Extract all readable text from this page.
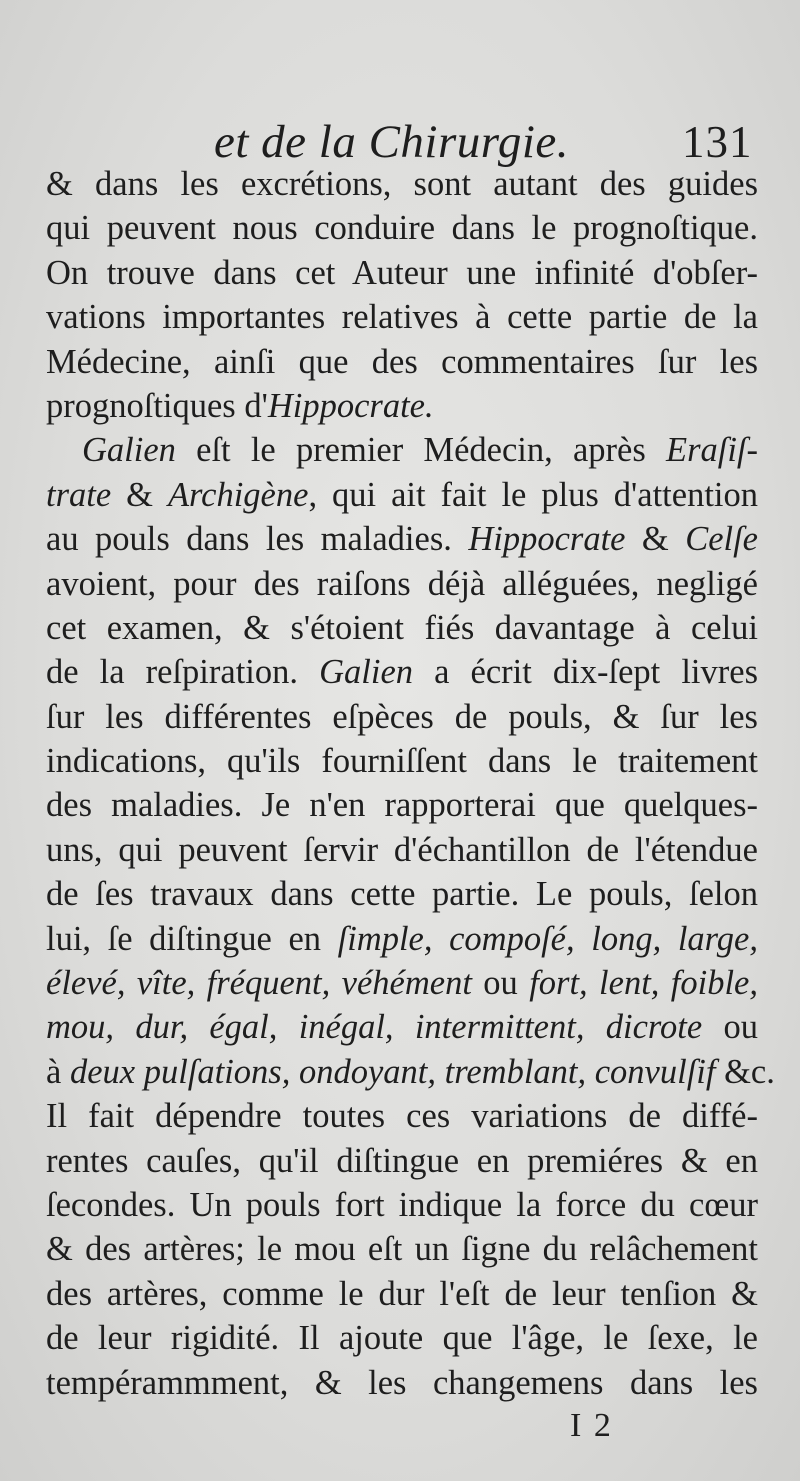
et de la Chirurgie.	131
& dans les excrétions, sont autant des guides
qui peuvent nous conduire dans le prognoſtique.
On trouve dans cet Auteur une infinité d'obſer-
vations importantes relatives à cette partie de la
Médecine, ainſi que des commentaires ſur les
prognoſtiques d'Hippocrate.
Galien eſt le premier Médecin, après Eraſiſ-
trate & Archigène, qui ait fait le plus d'attention
au pouls dans les maladies. Hippocrate & Celſe
avoient, pour des raiſons déjà alléguées, negligé
cet examen, & s'étoient fiés davantage à celui
de la reſpiration. Galien a écrit dix-ſept livres
ſur les différentes eſpèces de pouls, & ſur les
indications, qu'ils fourniſſent dans le traitement
des maladies. Je n'en rapporterai que quelques-
uns, qui peuvent ſervir d'échantillon de l'étendue
de ſes travaux dans cette partie. Le pouls, ſelon
lui, ſe diſtingue en ſimple, compoſé, long, large,
élevé, vîte, fréquent, véhément ou fort, lent, foible,
mou, dur, égal, inégal, intermittent, dicrote ou
à deux pulſations, ondoyant, tremblant, convulſif &c.
Il fait dépendre toutes ces variations de diffé-
rentes cauſes, qu'il diſtingue en premiéres & en
ſecondes. Un pouls fort indique la force du cœur
& des artères; le mou eſt un ſigne du relâchement
des artères, comme le dur l'eſt de leur tenſion &
de leur rigidité. Il ajoute que l'âge, le ſexe, le
tempérammment, & les changemens dans les
I 2
